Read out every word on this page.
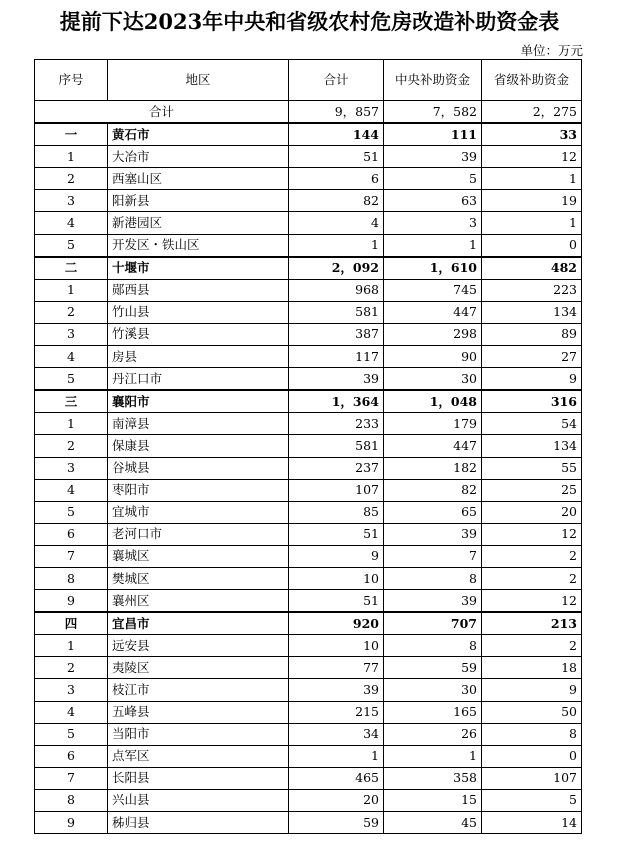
提前下达2023年中央和省级农村危房改造补助资金表
单位：万元
序号	地区	合计	中央补助资金	省级补助资金
合计		9，857	7，582	2，275
一	黄石市	144	111	33
1	大冶市	51	39	12
2	西塞山区	6	5	1
3	阳新县	82	63	19
4	新港园区	4	3	1
5	开发区・铁山区	1	1	0
二	十堰市	2，092	1，610	482
1	郧西县	968	745	223
2	竹山县	581	447	134
3	竹溪县	387	298	89
4	房县	117	90	27
5	丹江口市	39	30	9
三	襄阳市	1，364	1，048	316
1	南漳县	233	179	54
2	保康县	581	447	134
3	谷城县	237	182	55
4	枣阳市	107	82	25
5	宜城市	85	65	20
6	老河口市	51	39	12
7	襄城区	9	7	2
8	樊城区	10	8	2
9	襄州区	51	39	12
四	宜昌市	920	707	213
1	远安县	10	8	2
2	夷陵区	77	59	18
3	枝江市	39	30	9
4	五峰县	215	165	50
5	当阳市	34	26	8
6	点军区	1	1	0
7	长阳县	465	358	107
8	兴山县	20	15	5
9	秭归县	59	45	14
